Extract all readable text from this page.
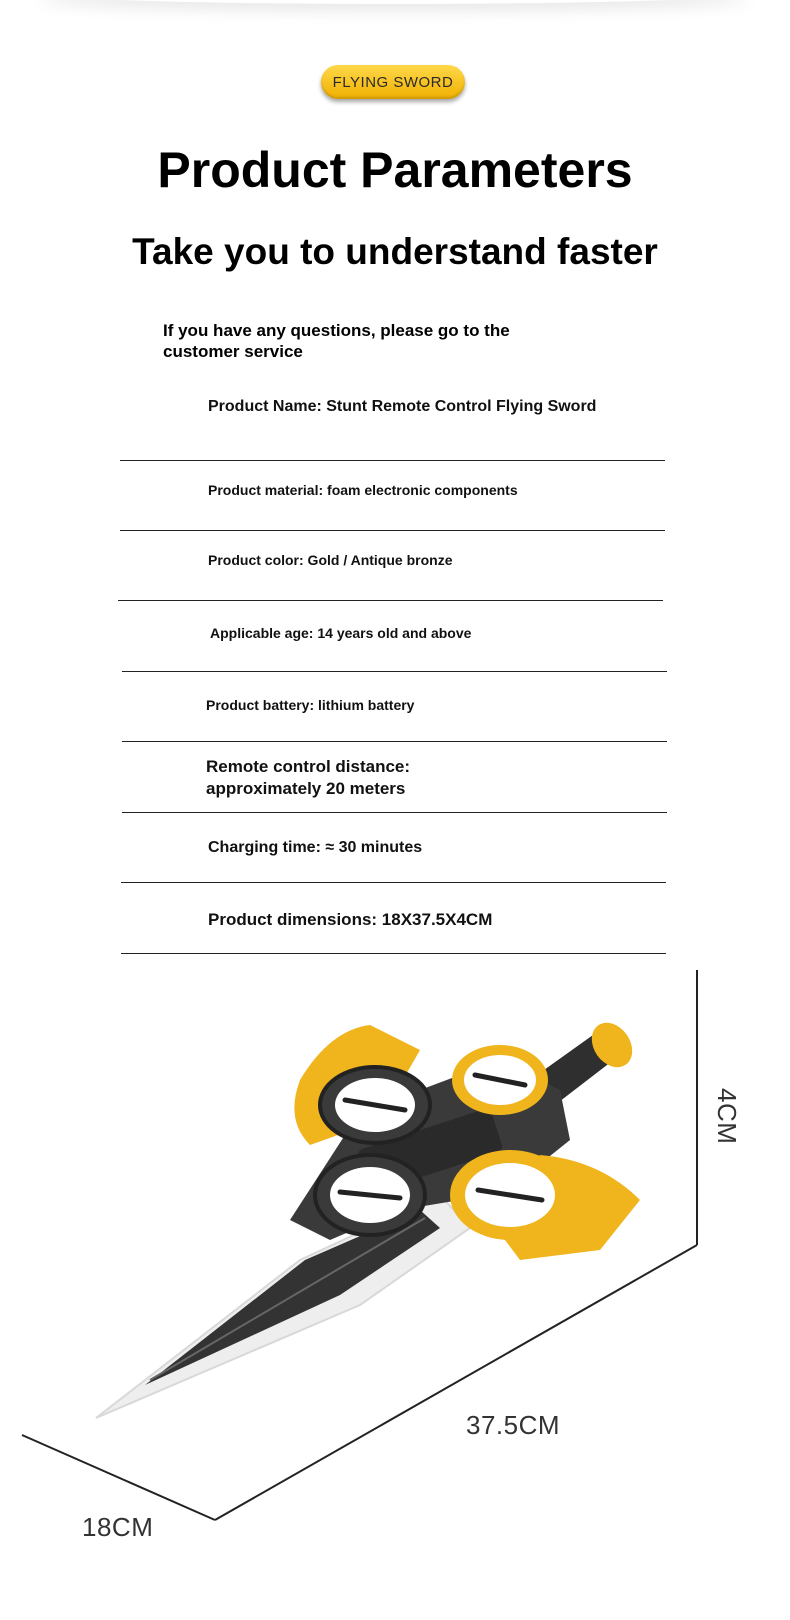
FLYING SWORD
Product Parameters
Take you to understand faster
If you have any questions, please go to the customer service
Product Name: Stunt Remote Control Flying Sword
Product material: foam electronic components
Product color: Gold / Antique bronze
Applicable age: 14 years old and above
Product battery: lithium battery
Remote control distance: approximately 20 meters
Charging time: ≈ 30 minutes
Product dimensions: 18X37.5X4CM
4CM
37.5CM
18CM
